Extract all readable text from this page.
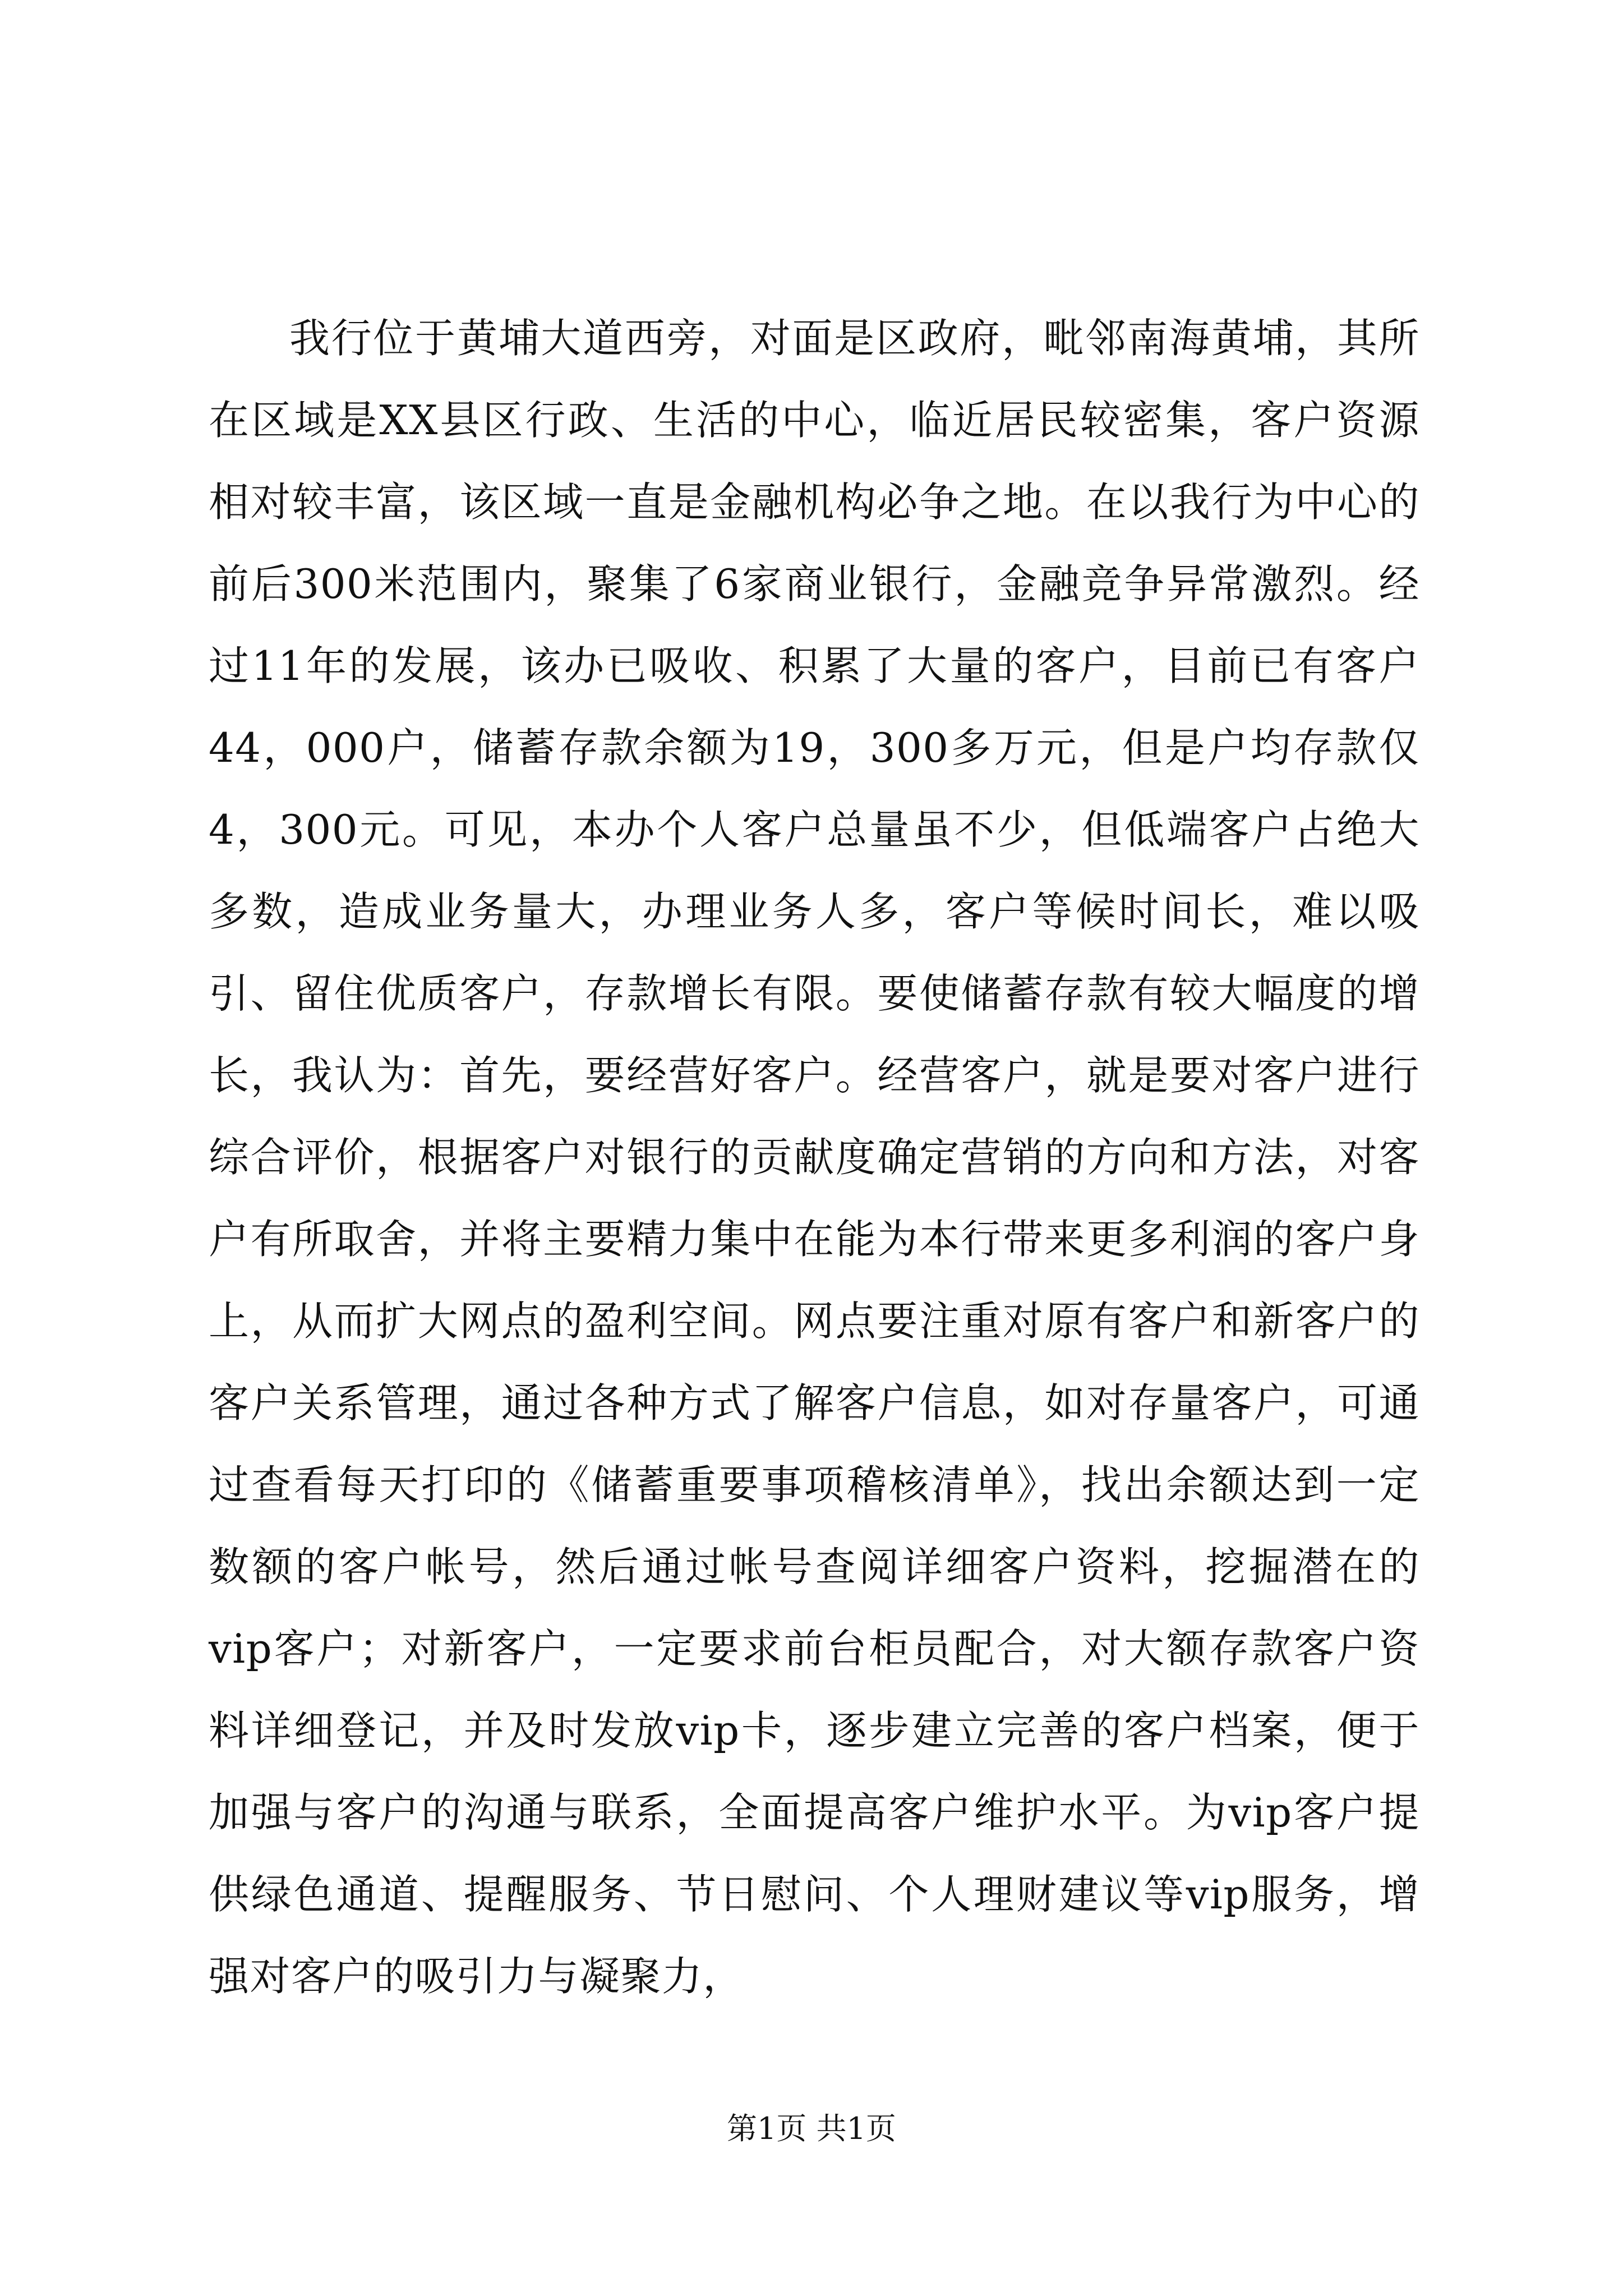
我行位于黄埔大道西旁，对面是区政府，毗邻南海黄埔，其所在区域是XX县区行政、生活的中心，临近居民较密集，客户资源相对较丰富，该区域一直是金融机构必争之地。在以我行为中心的前后300米范围内，聚集了6家商业银行，金融竞争异常激烈。经过11年的发展，该办已吸收、积累了大量的客户，目前已有客户44，000户，储蓄存款余额为19，300多万元，但是户均存款仅4，300元。可见，本办个人客户总量虽不少，但低端客户占绝大多数，造成业务量大，办理业务人多，客户等候时间长，难以吸引、留住优质客户，存款增长有限。要使储蓄存款有较大幅度的增长，我认为：首先，要经营好客户。经营客户，就是要对客户进行综合评价，根据客户对银行的贡献度确定营销的方向和方法，对客户有所取舍，并将主要精力集中在能为本行带来更多利润的客户身上，从而扩大网点的盈利空间。网点要注重对原有客户和新客户的客户关系管理，通过各种方式了解客户信息，如对存量客户，可通过查看每天打印的《储蓄重要事项稽核清单》，找出余额达到一定数额的客户帐号，然后通过帐号查阅详细客户资料，挖掘潜在的vip客户；对新客户，一定要求前台柜员配合，对大额存款客户资料详细登记，并及时发放vip卡，逐步建立完善的客户档案，便于加强与客户的沟通与联系，全面提高客户维护水平。为vip客户提供绿色通道、提醒服务、节日慰问、个人理财建议等vip服务，增强对客户的吸引力与凝聚力，

第1页 共1页
